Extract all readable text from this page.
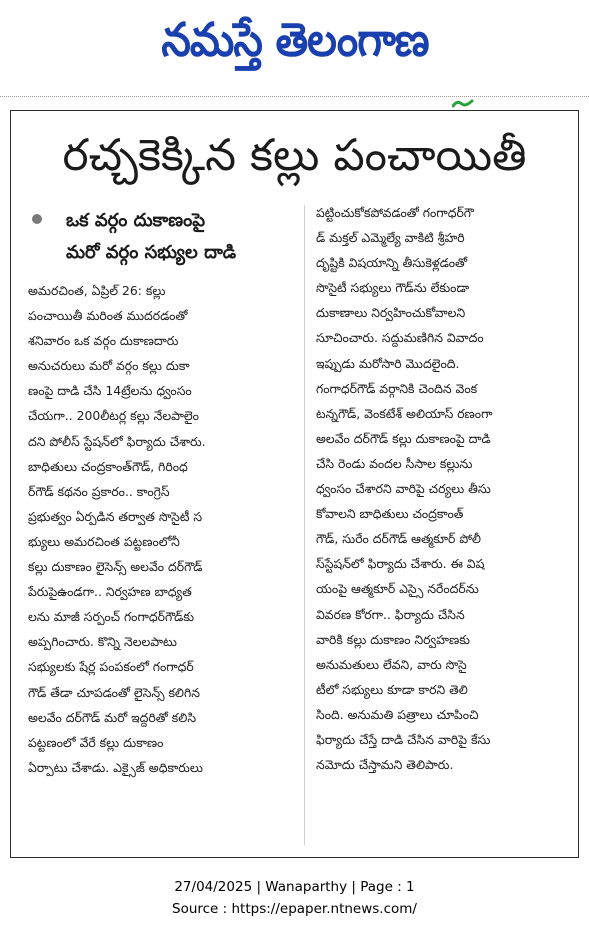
నమస్తే తెలంగాణ
రచ్చకెక్కిన కల్లు పంచాయితీ
ఒక వర్గం దుకాణంపై
మరో వర్గం సభ్యుల దాడి
అమరచింత, ఏప్రిల్ 26: కల్లు
పంచాయితీ మరింత ముదరడంతో
శనివారం ఒక వర్గం దుకాణదారు
అనుచరులు మరో వర్గం కల్లు దుకా
ణంపై దాడి చేసి 14ట్రేలను ధ్వంసం
చేయగా.. 200లీటర్ల కల్లు నేలపాలైం
దని పోలీస్ స్టేషన్‌లో ఫిర్యాదు చేశారు.
బాధితులు చంద్రకాంత్‌గౌడ్, గిరింధ
ర్‌గౌడ్ కథనం ప్రకారం.. కాంగ్రెస్
ప్రభుత్వం ఏర్పడిన తర్వాత సొసైటీ స
భ్యులు అమరచింత పట్టణంలోనీ
కల్లు దుకాణం లైసెన్స్ అలవేం దర్‌గౌడ్
పేరుపైఉండగా.. నిర్వహణ బాధ్యత
లను మాజీ సర్పంచ్ గంగాధర్‌గౌడ్‌కు
అప్పగించారు. కొన్ని నెలలపాటు
సభ్యులకు షేర్ల పంపకంలో గంగాధర్
గౌడ్ తేడా చూపడంతో లైసెన్స్ కలిగిన
అలవేం దర్‌గౌడ్ మరో ఇద్దరితో కలిసి
పట్టణంలో వేరే కల్లు దుకాణం
ఏర్పాటు చేశాడు. ఎక్సైజ్ అధికారులు
పట్టించుకోకపోవడంతో గంగాధర్‌గౌ
డ్ మక్తల్ ఎమ్మెల్యే వాకిటి శ్రీహరి
దృష్టికి విషయాన్ని తీసుకెళ్లడంతో
సొసైటీ సభ్యులు గౌడ్‌ను లేకుండా
దుకాణాలు నిర్వహించుకోవాలని
సూచించారు. సద్దుమణిగిన వివాదం
ఇప్పుడు మరోసారి మొదలైంది.
గంగాధర్‌గౌడ్ వర్గానికి చెందిన వెంక
టన్నగౌడ్, వెంకటేశ్ అలియాస్ రణంగా
అలవేం దర్‌గౌడ్ కల్లు దుకాణంపై దాడి
చేసి రెండు వందల సీసాల కల్లును
ధ్వంసం చేశారని వారిపై చర్యలు తీసు
కోవాలని బాధితులు చంద్రకాంత్
గౌడ్, సురేం దర్‌గౌడ్ ఆత్మకూర్ పోలీ
స్‌స్టేషన్‌లో ఫిర్యాదు చేశారు. ఈ విష
యంపై ఆత్మకూర్ ఎస్సై నరేందర్‌ను
వివరణ కోరగా.. ఫిర్యాదు చేసిన
వారికి కల్లు దుకాణం నిర్వహణకు
అనుమతులు లేవని, వారు సొసై
టీలో సభ్యులు కూడా కారని తెలి
సింది. అనుమతి పత్రాలు చూపించి
ఫిర్యాదు చేస్తే దాడి చేసిన వారిపై కేసు
నమోదు చేస్తామని తెలిపారు.
27/04/2025 | Wanaparthy | Page : 1
Source : https://epaper.ntnews.com/
